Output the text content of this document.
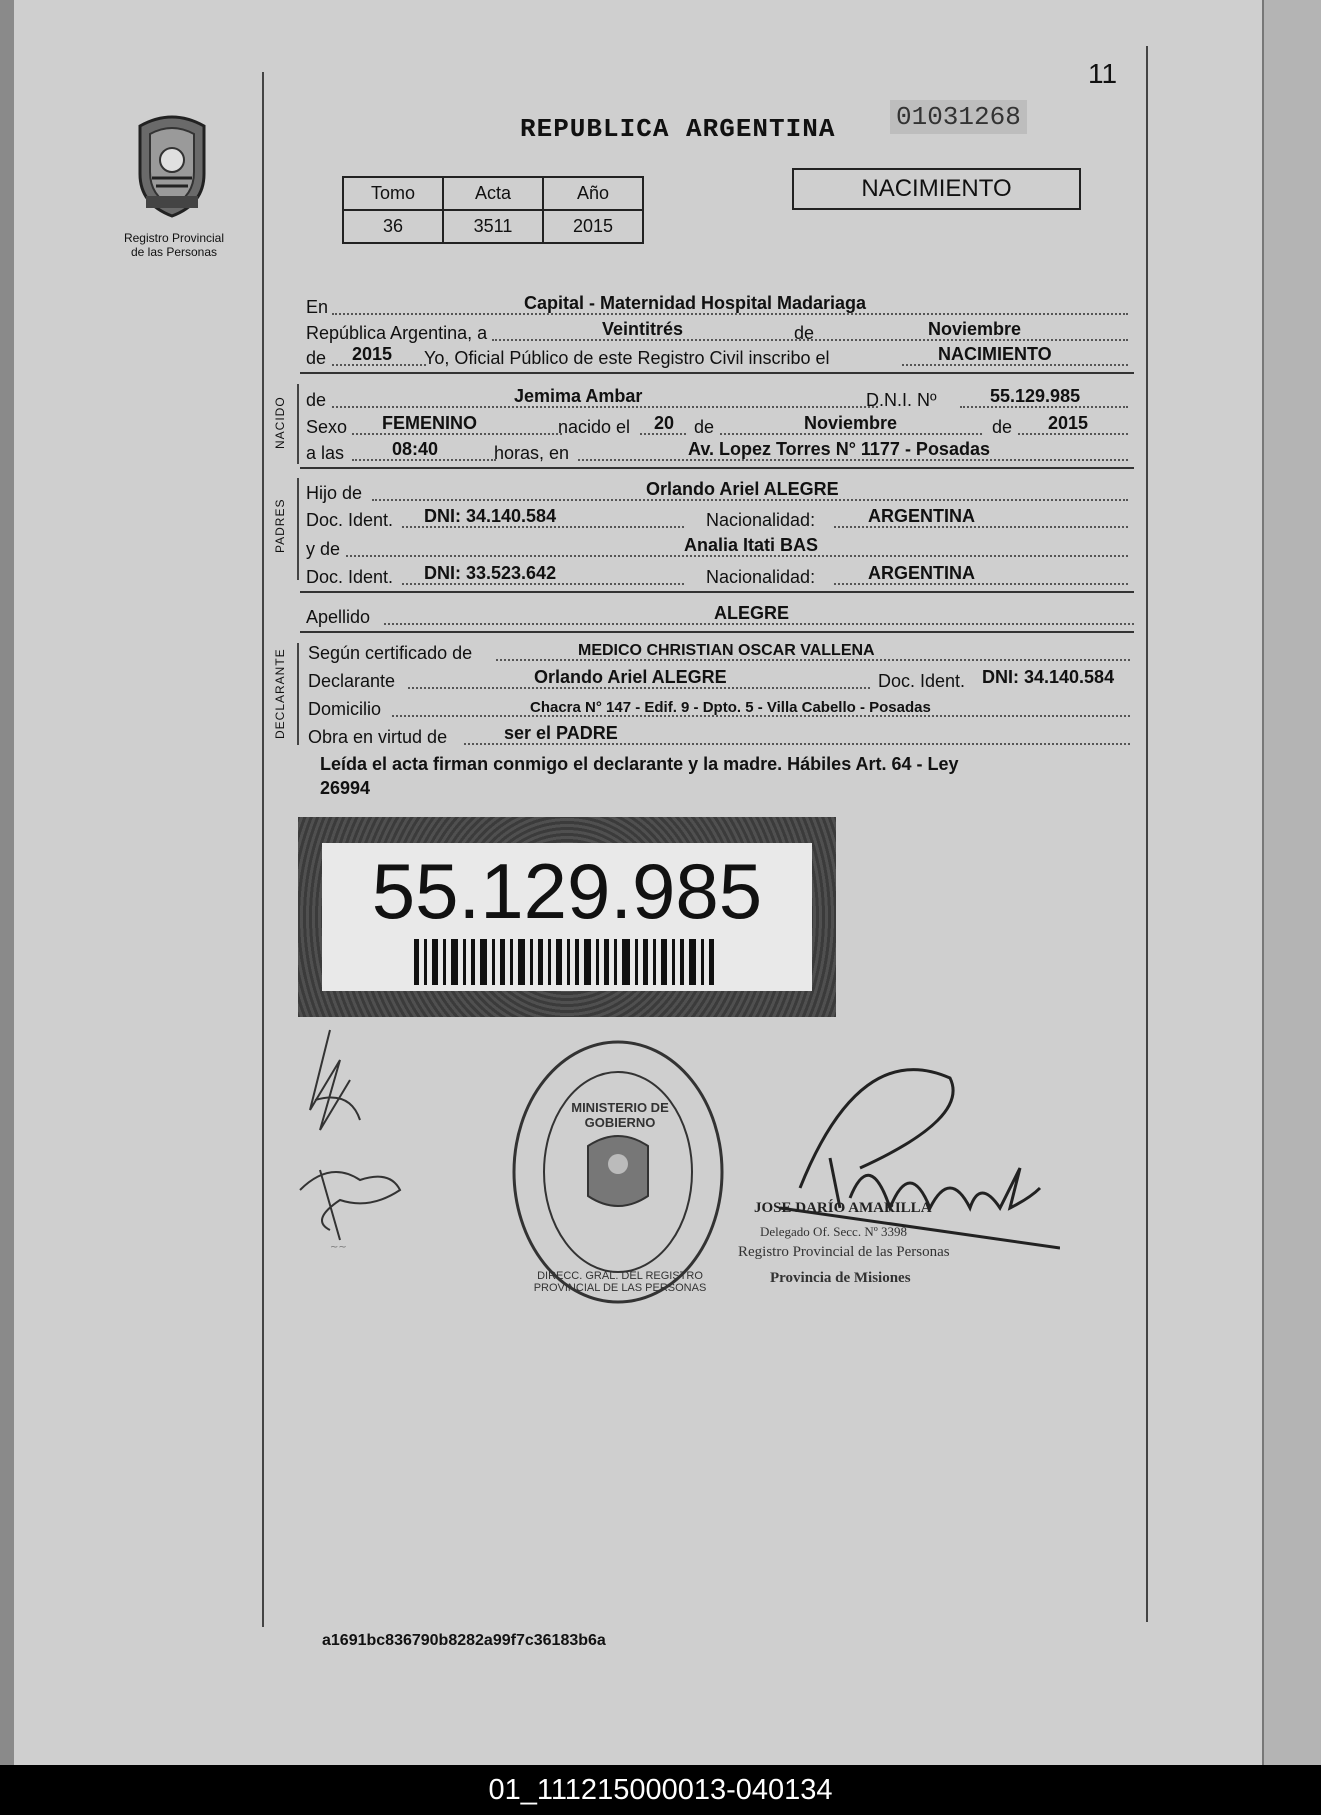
11
Registro Provincial
de las Personas
REPUBLICA ARGENTINA 01031268
Tomo	Acta	Año
36	3511	2015
NACIMIENTO
En	Capital - Maternidad Hospital Madariaga
República Argentina, a	Veintitrés	de	Noviembre
de 2015 Yo, Oficial Público de este Registro Civil inscribo el	NACIMIENTO
NACIDO de	Jemima Ambar	D.N.I. Nº	55.129.985
Sexo FEMENINO	nacido el 20 de	Noviembre	de 2015
a las	08:40	horas, en	Av. Lopez Torres N° 1177 - Posadas
PADRES
Hijo de	Orlando Ariel ALEGRE
Doc. Ident. DNI: 34.140.584	Nacionalidad:	ARGENTINA
y de	Analia Itati BAS
Doc. Ident. DNI: 33.523.642	Nacionalidad:	ARGENTINA
Apellido	ALEGRE
DECLARANTE Según certificado de	MEDICO CHRISTIAN OSCAR VALLENA
Declarante	Orlando Ariel ALEGRE	Doc. Ident. DNI: 34.140.584
Domicilio	Chacra N° 147 - Edif. 9 - Dpto. 5 - Villa Cabello - Posadas
Obra en virtud de	ser el PADRE
Leída el acta firman conmigo el declarante y la madre. Hábiles Art. 64 - Ley
26994
55.129.985
~~
MINISTERIO DE GOBIERNO
DIRECC. GRAL. DEL REGISTRO PROVINCIAL DE LAS PERSONAS
JOSE DARÍO AMARILLA
Delegado Of. Secc. Nº 3398
Registro Provincial de las Personas
Provincia de Misiones
a1691bc836790b8282a99f7c36183b6a
01_111215000013-040134
